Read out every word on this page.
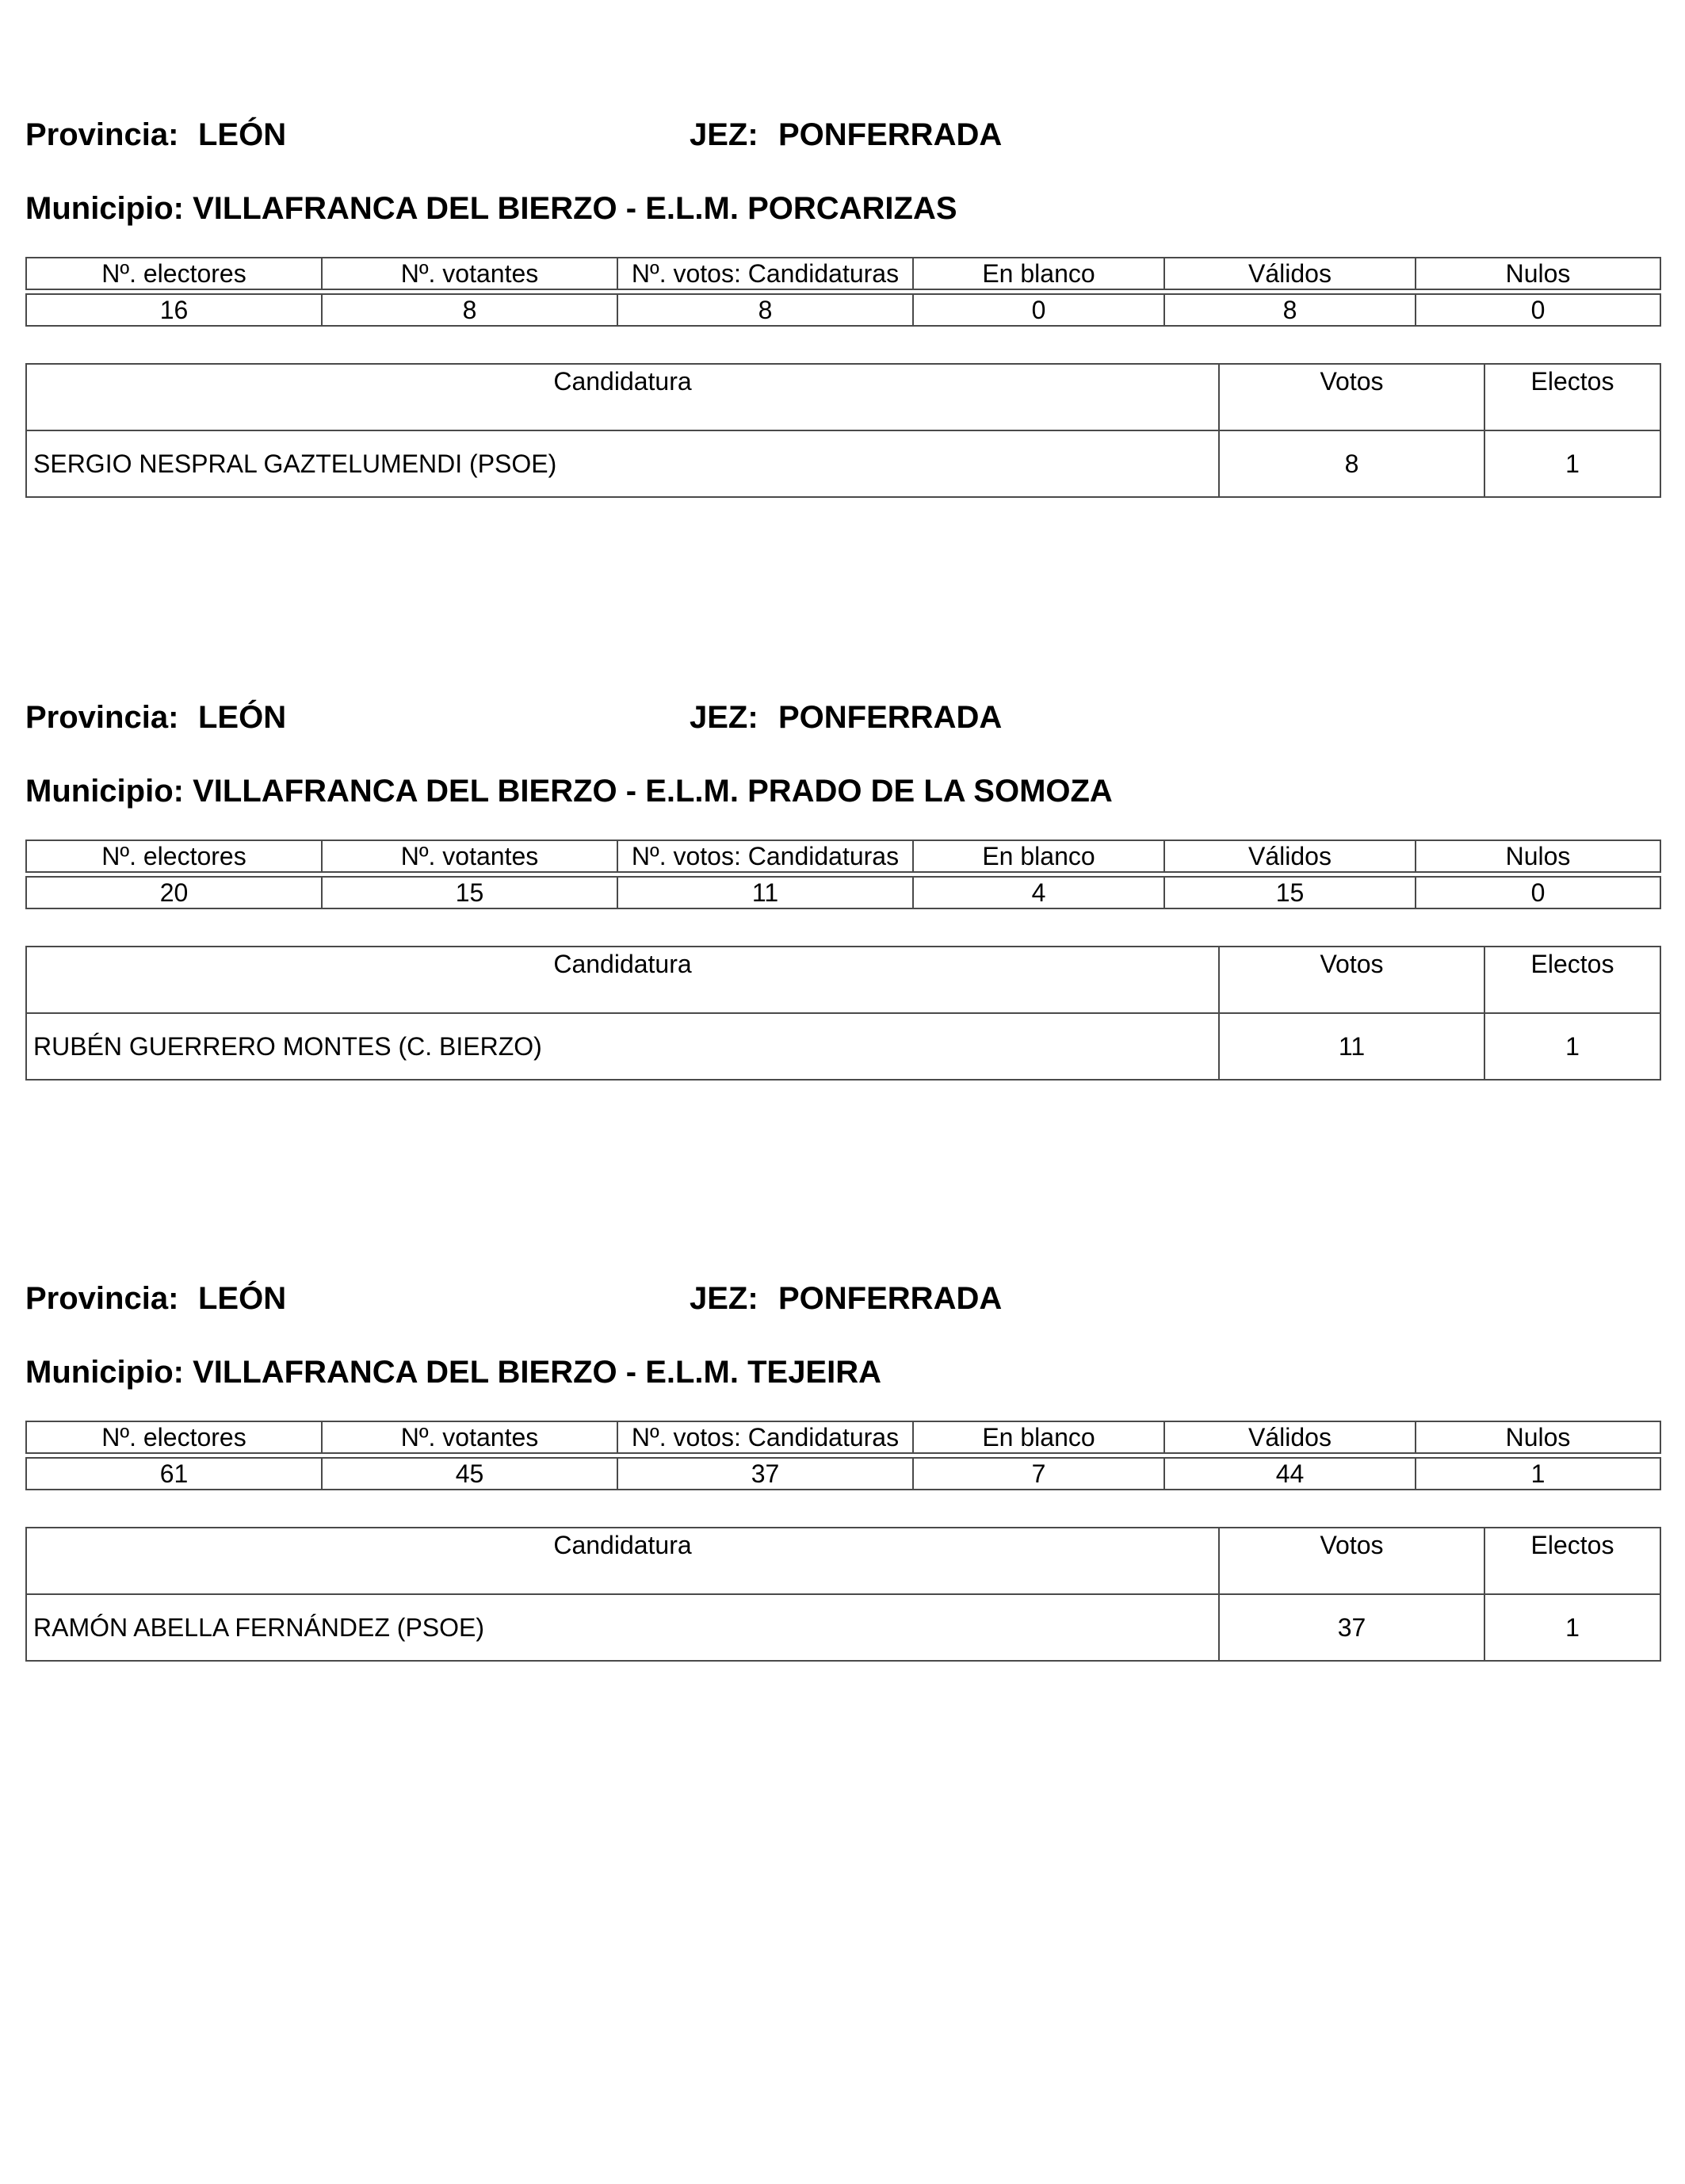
Provincia: LEÓN	JEZ: PONFERRADA
Municipio: VILLAFRANCA DEL BIERZO - E.L.M. PORCARIZAS
Nº. electores	Nº. votantes	Nº. votos: Candidaturas	En blanco	Válidos	Nulos

16	8	8	0	8	0
Candidatura	Votos	Electos
SERGIO NESPRAL GAZTELUMENDI (PSOE)	8	1
Provincia: LEÓN	JEZ: PONFERRADA
Municipio: VILLAFRANCA DEL BIERZO - E.L.M. PRADO DE LA SOMOZA
Nº. electores	Nº. votantes	Nº. votos: Candidaturas	En blanco	Válidos	Nulos

20	15	11	4	15	0
Candidatura	Votos	Electos
RUBÉN GUERRERO MONTES (C. BIERZO)	11	1
Provincia: LEÓN	JEZ: PONFERRADA
Municipio: VILLAFRANCA DEL BIERZO - E.L.M. TEJEIRA
Nº. electores	Nº. votantes	Nº. votos: Candidaturas	En blanco	Válidos	Nulos

61	45	37	7	44	1
Candidatura	Votos	Electos
RAMÓN ABELLA FERNÁNDEZ (PSOE)	37	1
